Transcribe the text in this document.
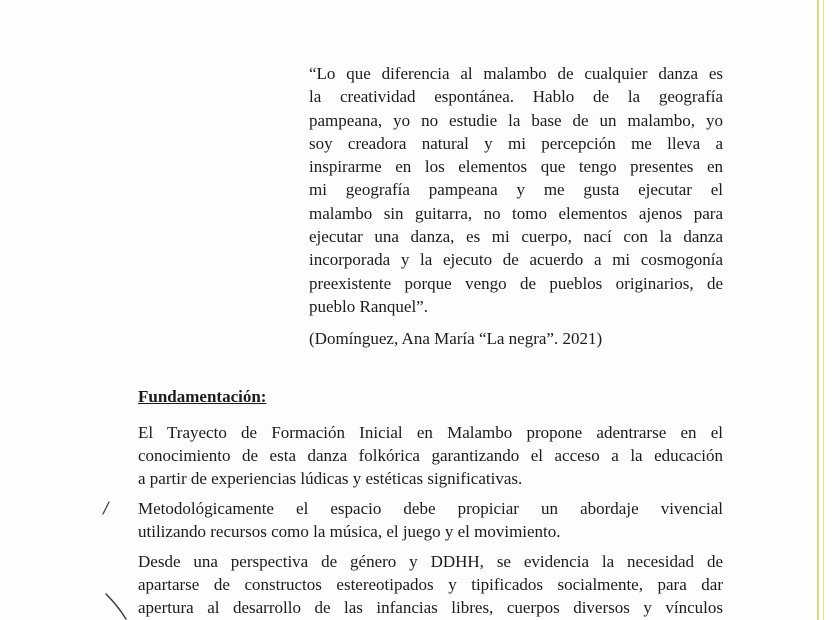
“Lo que diferencia al malambo de cualquier danza es
la creatividad espontánea. Hablo de la geografía
pampeana, yo no estudie la base de un malambo, yo
soy creadora natural y mi percepción me lleva a
inspirarme en los elementos que tengo presentes en
mi geografía pampeana y me gusta ejecutar el
malambo sin guitarra, no tomo elementos ajenos para
ejecutar una danza, es mi cuerpo, nací con la danza
incorporada y la ejecuto de acuerdo a mi cosmogonía
preexistente porque vengo de pueblos originarios, de
pueblo Ranquel”.

(Domínguez, Ana María “La negra”. 2021)

Fundamentación:
El Trayecto de Formación Inicial en Malambo propone adentrarse en el
conocimiento de esta danza folkórica garantizando el acceso a la educación
a partir de experiencias lúdicas y estéticas significativas.
Metodológicamente el espacio debe propiciar un abordaje vivencial
utilizando recursos como la música, el juego y el movimiento.
Desde una perspectiva de género y DDHH, se evidencia la necesidad de
apartarse de constructos estereotipados y tipificados socialmente, para dar
apertura al desarrollo de las infancias libres, cuerpos diversos y vínculos
